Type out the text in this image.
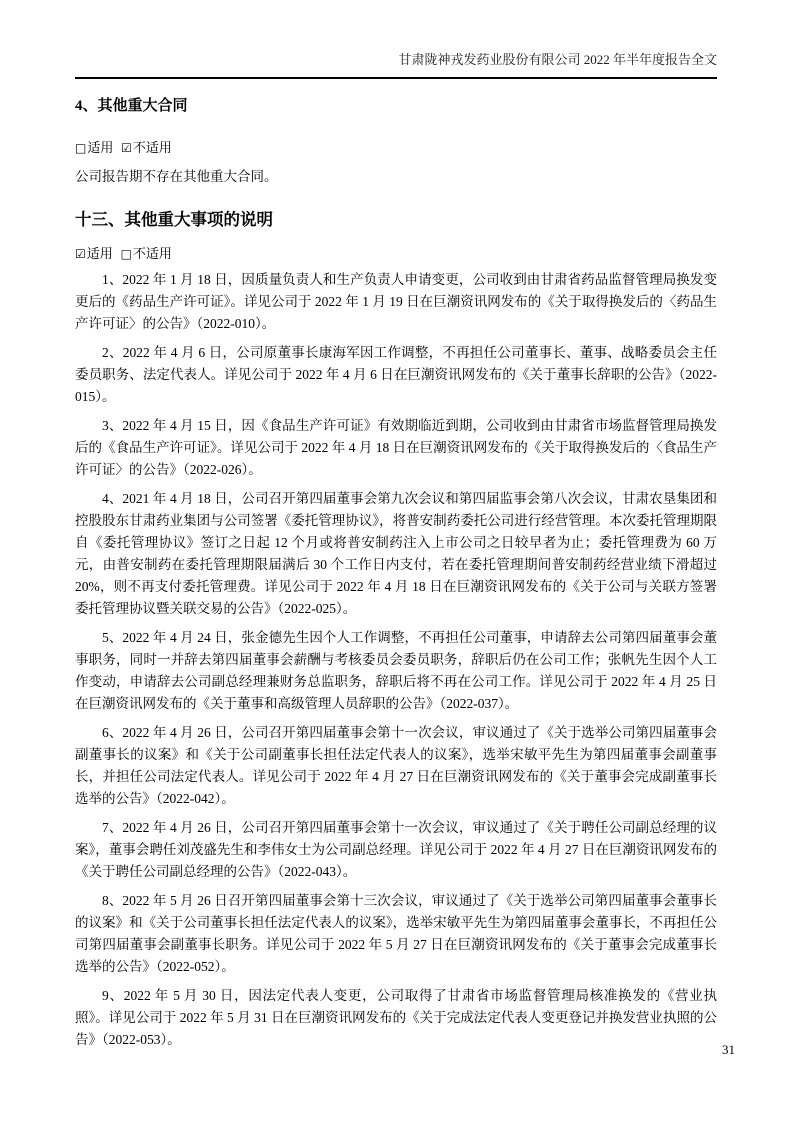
甘肃陇神戎发药业股份有限公司 2022 年半年度报告全文
4、其他重大合同
□适用 ☑不适用

公司报告期不存在其他重大合同。

十三、其他重大事项的说明
☑适用 □不适用

1、2022 年 1 月 18 日，因质量负责人和生产负责人申请变更，公司收到由甘肃省药品监督管理局换发变更后的《药品生产许可证》。详见公司于 2022 年 1 月 19 日在巨潮资讯网发布的《关于取得换发后的〈药品生产许可证〉的公告》（2022-010）。

2、2022 年 4 月 6 日，公司原董事长康海军因工作调整，不再担任公司董事长、董事、战略委员会主任委员职务、法定代表人。详见公司于 2022 年 4 月 6 日在巨潮资讯网发布的《关于董事长辞职的公告》（2022-015）。

3、2022 年 4 月 15 日，因《食品生产许可证》有效期临近到期，公司收到由甘肃省市场监督管理局换发后的《食品生产许可证》。详见公司于 2022 年 4 月 18 日在巨潮资讯网发布的《关于取得换发后的〈食品生产许可证〉的公告》（2022-026）。

4、2021 年 4 月 18 日，公司召开第四届董事会第九次会议和第四届监事会第八次会议，甘肃农垦集团和控股股东甘肃药业集团与公司签署《委托管理协议》，将普安制药委托公司进行经营管理。本次委托管理期限自《委托管理协议》签订之日起 12 个月或将普安制药注入上市公司之日较早者为止；委托管理费为 60 万元，由普安制药在委托管理期限届满后 30 个工作日内支付，若在委托管理期间普安制药经营业绩下滑超过 20%，则不再支付委托管理费。详见公司于 2022 年 4 月 18 日在巨潮资讯网发布的《关于公司与关联方签署委托管理协议暨关联交易的公告》（2022-025）。

5、2022 年 4 月 24 日，张金德先生因个人工作调整，不再担任公司董事，申请辞去公司第四届董事会董事职务，同时一并辞去第四届董事会薪酬与考核委员会委员职务，辞职后仍在公司工作；张帆先生因个人工作变动，申请辞去公司副总经理兼财务总监职务，辞职后将不再在公司工作。详见公司于 2022 年 4 月 25 日在巨潮资讯网发布的《关于董事和高级管理人员辞职的公告》（2022-037）。

6、2022 年 4 月 26 日，公司召开第四届董事会第十一次会议，审议通过了《关于选举公司第四届董事会副董事长的议案》和《关于公司副董事长担任法定代表人的议案》，选举宋敏平先生为第四届董事会副董事长，并担任公司法定代表人。详见公司于 2022 年 4 月 27 日在巨潮资讯网发布的《关于董事会完成副董事长选举的公告》（2022-042）。

7、2022 年 4 月 26 日，公司召开第四届董事会第十一次会议，审议通过了《关于聘任公司副总经理的议案》，董事会聘任刘茂盛先生和李伟女士为公司副总经理。详见公司于 2022 年 4 月 27 日在巨潮资讯网发布的《关于聘任公司副总经理的公告》（2022-043）。

8、2022 年 5 月 26 日召开第四届董事会第十三次会议，审议通过了《关于选举公司第四届董事会董事长的议案》和《关于公司董事长担任法定代表人的议案》，选举宋敏平先生为第四届董事会董事长，不再担任公司第四届董事会副董事长职务。详见公司于 2022 年 5 月 27 日在巨潮资讯网发布的《关于董事会完成董事长选举的公告》（2022-052）。

9、2022 年 5 月 30 日，因法定代表人变更，公司取得了甘肃省市场监督管理局核准换发的《营业执照》。详见公司于 2022 年 5 月 31 日在巨潮资讯网发布的《关于完成法定代表人变更登记并换发营业执照的公告》（2022-053）。

31
